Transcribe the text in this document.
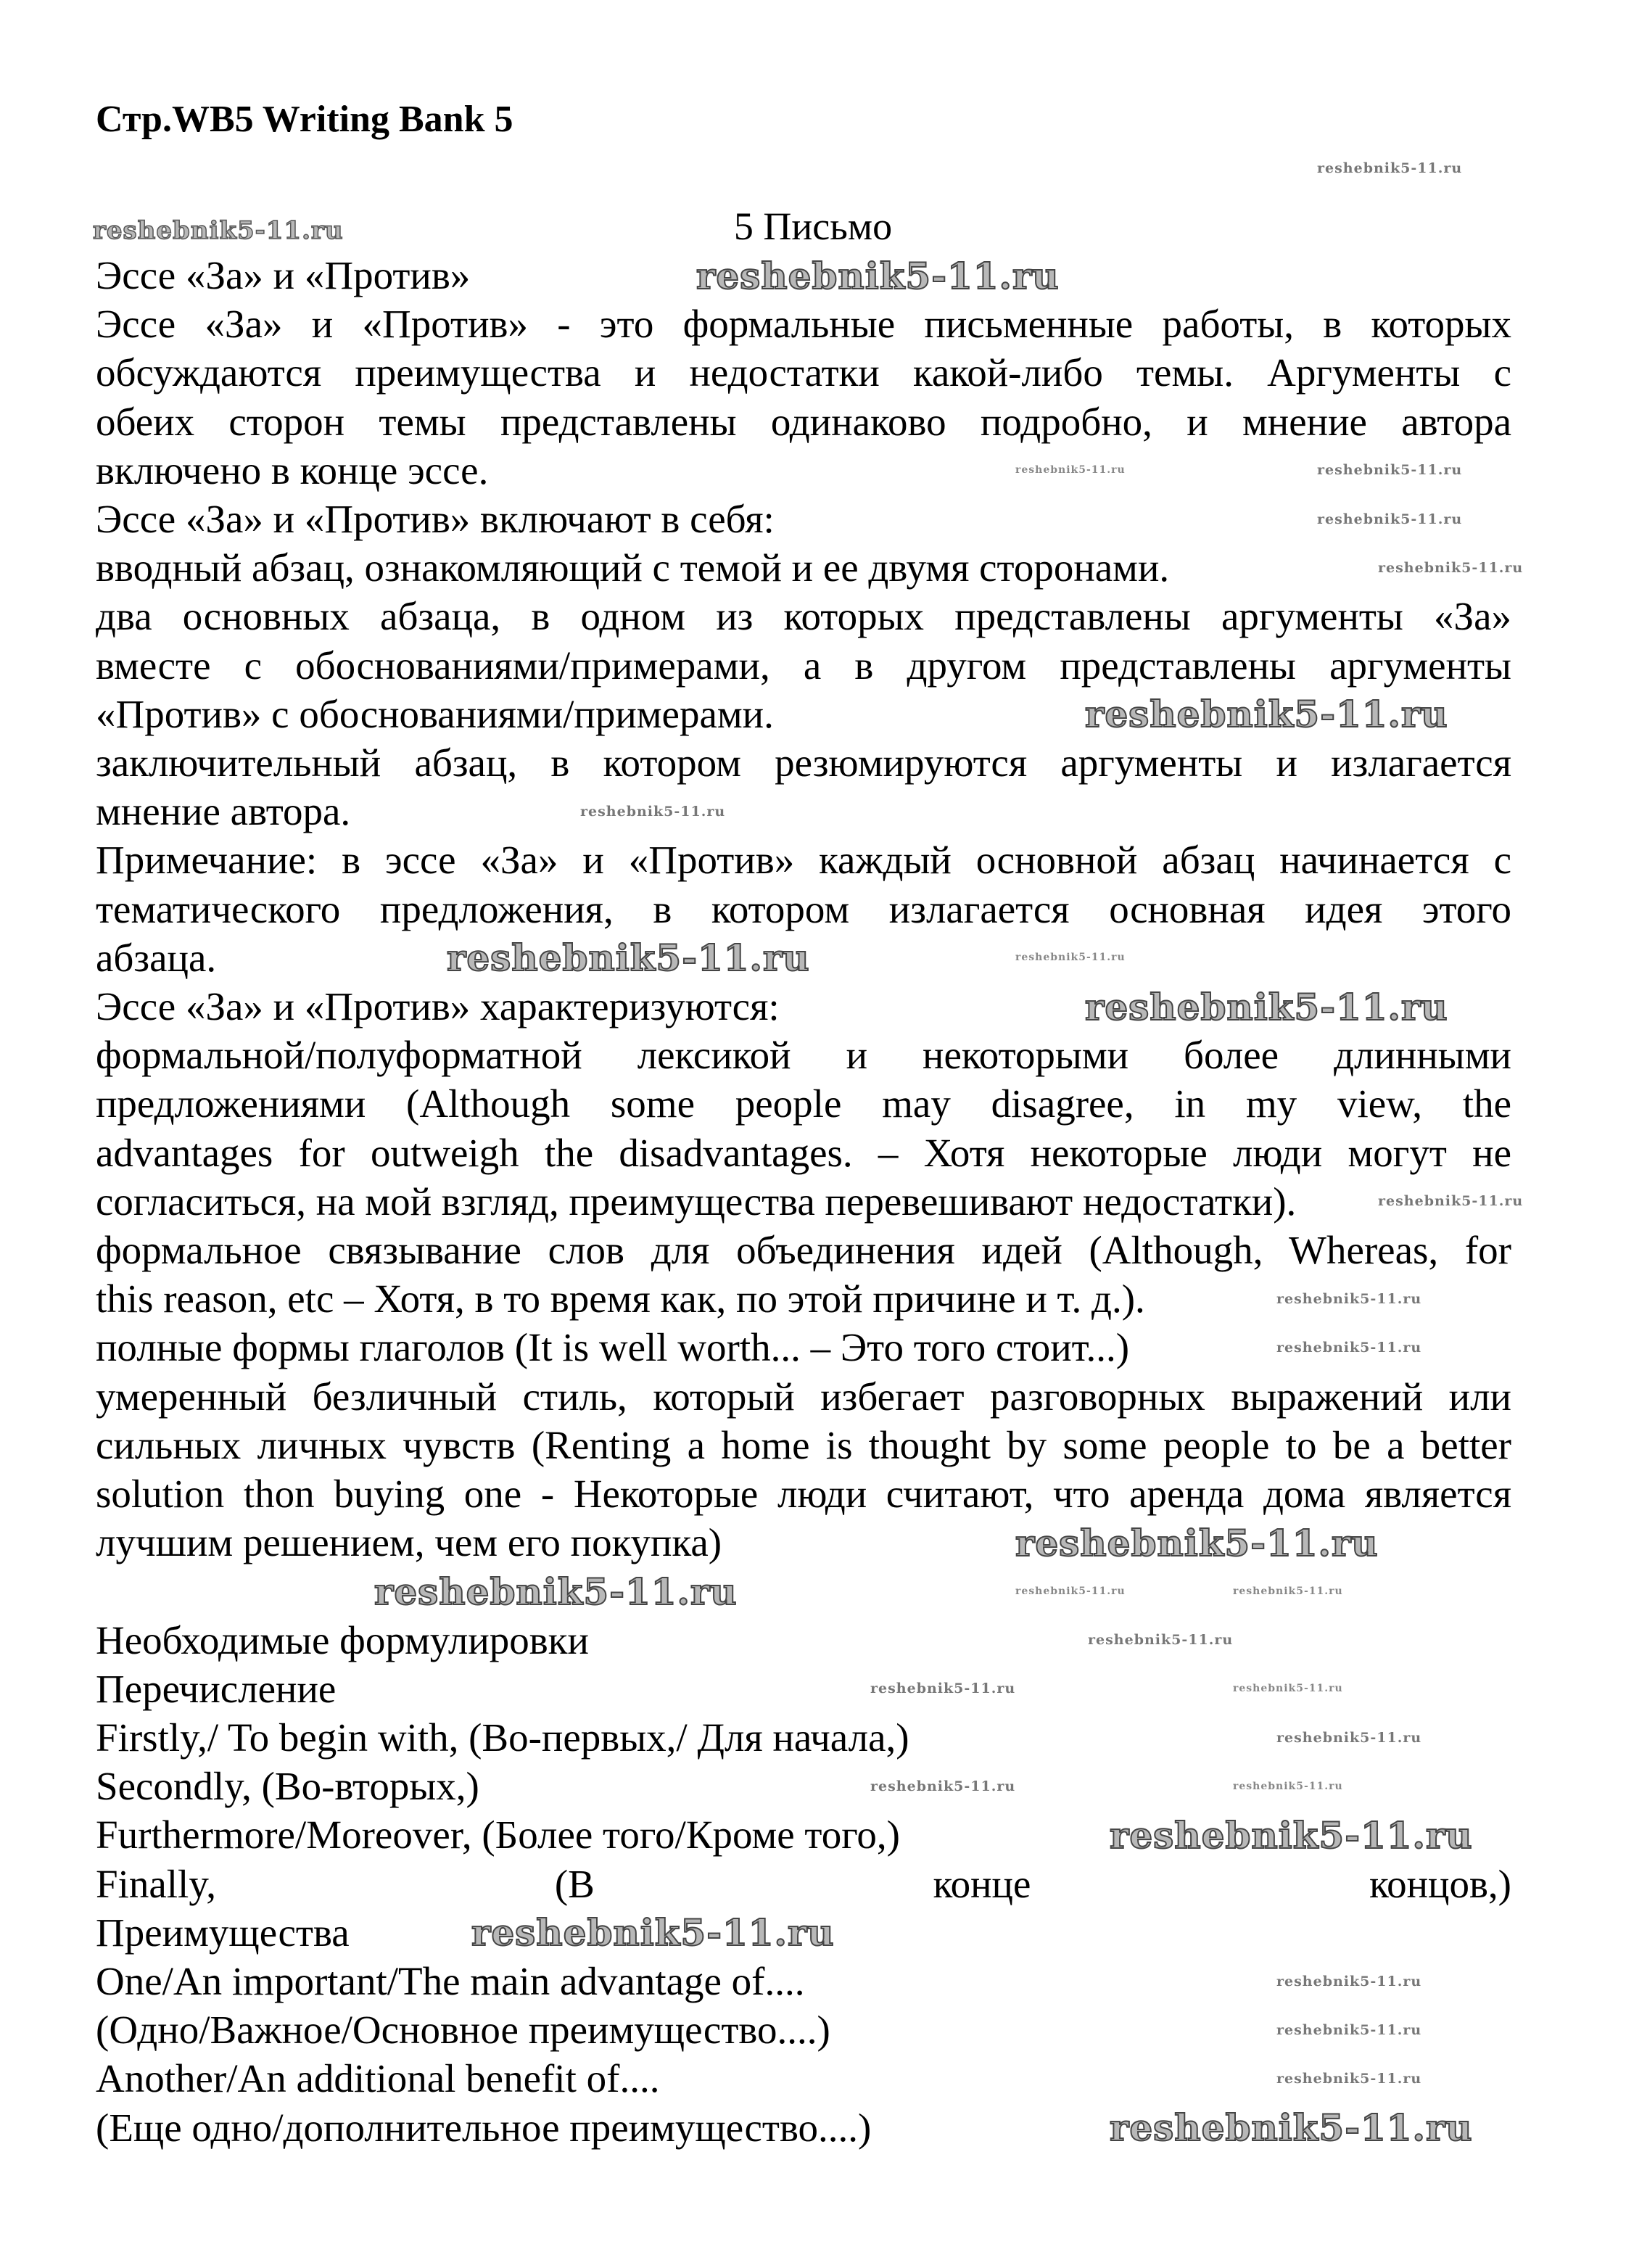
Стр.WB5 Writing Bank 5
5 Письмо
Эссе «За» и «Против»
Эссе «За» и «Против» - это формальные письменные работы, в которых
обсуждаются преимущества и недостатки какой-либо темы. Аргументы с
обеих сторон темы представлены одинаково подробно, и мнение автора
включено в конце эссе.
Эссе «За» и «Против» включают в себя:
вводный абзац, ознакомляющий с темой и ее двумя сторонами.
два основных абзаца, в одном из которых представлены аргументы «За»
вместе с обоснованиями/примерами, а в другом представлены аргументы
«Против» с обоснованиями/примерами.
заключительный абзац, в котором резюмируются аргументы и излагается
мнение автора.
Примечание: в эссе «За» и «Против» каждый основной абзац начинается с
тематического предложения, в котором излагается основная идея этого
абзаца.
Эссе «За» и «Против» характеризуются:
формальной/полуформатной лексикой и некоторыми более длинными
предложениями (Although some people may disagree, in my view, the
advantages for outweigh the disadvantages. – Хотя некоторые люди могут не
согласиться, на мой взгляд, преимущества перевешивают недостатки).
формальное связывание слов для объединения идей (Although, Whereas, for
this reason, etc – Хотя, в то время как, по этой причине и т. д.).
полные формы глаголов (It is well worth... – Это того стоит...)
умеренный безличный стиль, который избегает разговорных выражений или
сильных личных чувств (Renting a home is thought by some people to be a better
solution thon buying one - Некоторые люди считают, что аренда дома является
лучшим решением, чем его покупка)
Необходимые формулировки
Перечисление
Firstly,/ To begin with, (Во-первых,/ Для начала,)
Secondly, (Во-вторых,)
Furthermore/Moreover, (Более того/Кроме того,)
Finally, (В конце концов,)
Преимущества
One/An important/The main advantage of....
(Одно/Важное/Основное преимущество....)
Another/An additional benefit of....
(Еще одно/дополнительное преимущество....)
reshebnik5-11.ru
reshebnik5-11.ru
reshebnik5-11.ru
reshebnik5-11.ru
reshebnik5-11.ru
reshebnik5-11.ru
reshebnik5-11.ru
reshebnik5-11.ru
reshebnik5-11.ru
reshebnik5-11.ru
reshebnik5-11.ru
reshebnik5-11.ru
reshebnik5-11.ru
reshebnik5-11.ru
reshebnik5-11.ru
reshebnik5-11.ru
reshebnik5-11.ru
reshebnik5-11.ru
reshebnik5-11.ru
reshebnik5-11.ru
reshebnik5-11.ru
reshebnik5-11.ru
reshebnik5-11.ru
reshebnik5-11.ru
reshebnik5-11.ru
reshebnik5-11.ru
reshebnik5-11.ru	reshebnik5-11.ru
reshebnik5-11.ru
reshebnik5-11.ru
reshebnik5-11.ru
